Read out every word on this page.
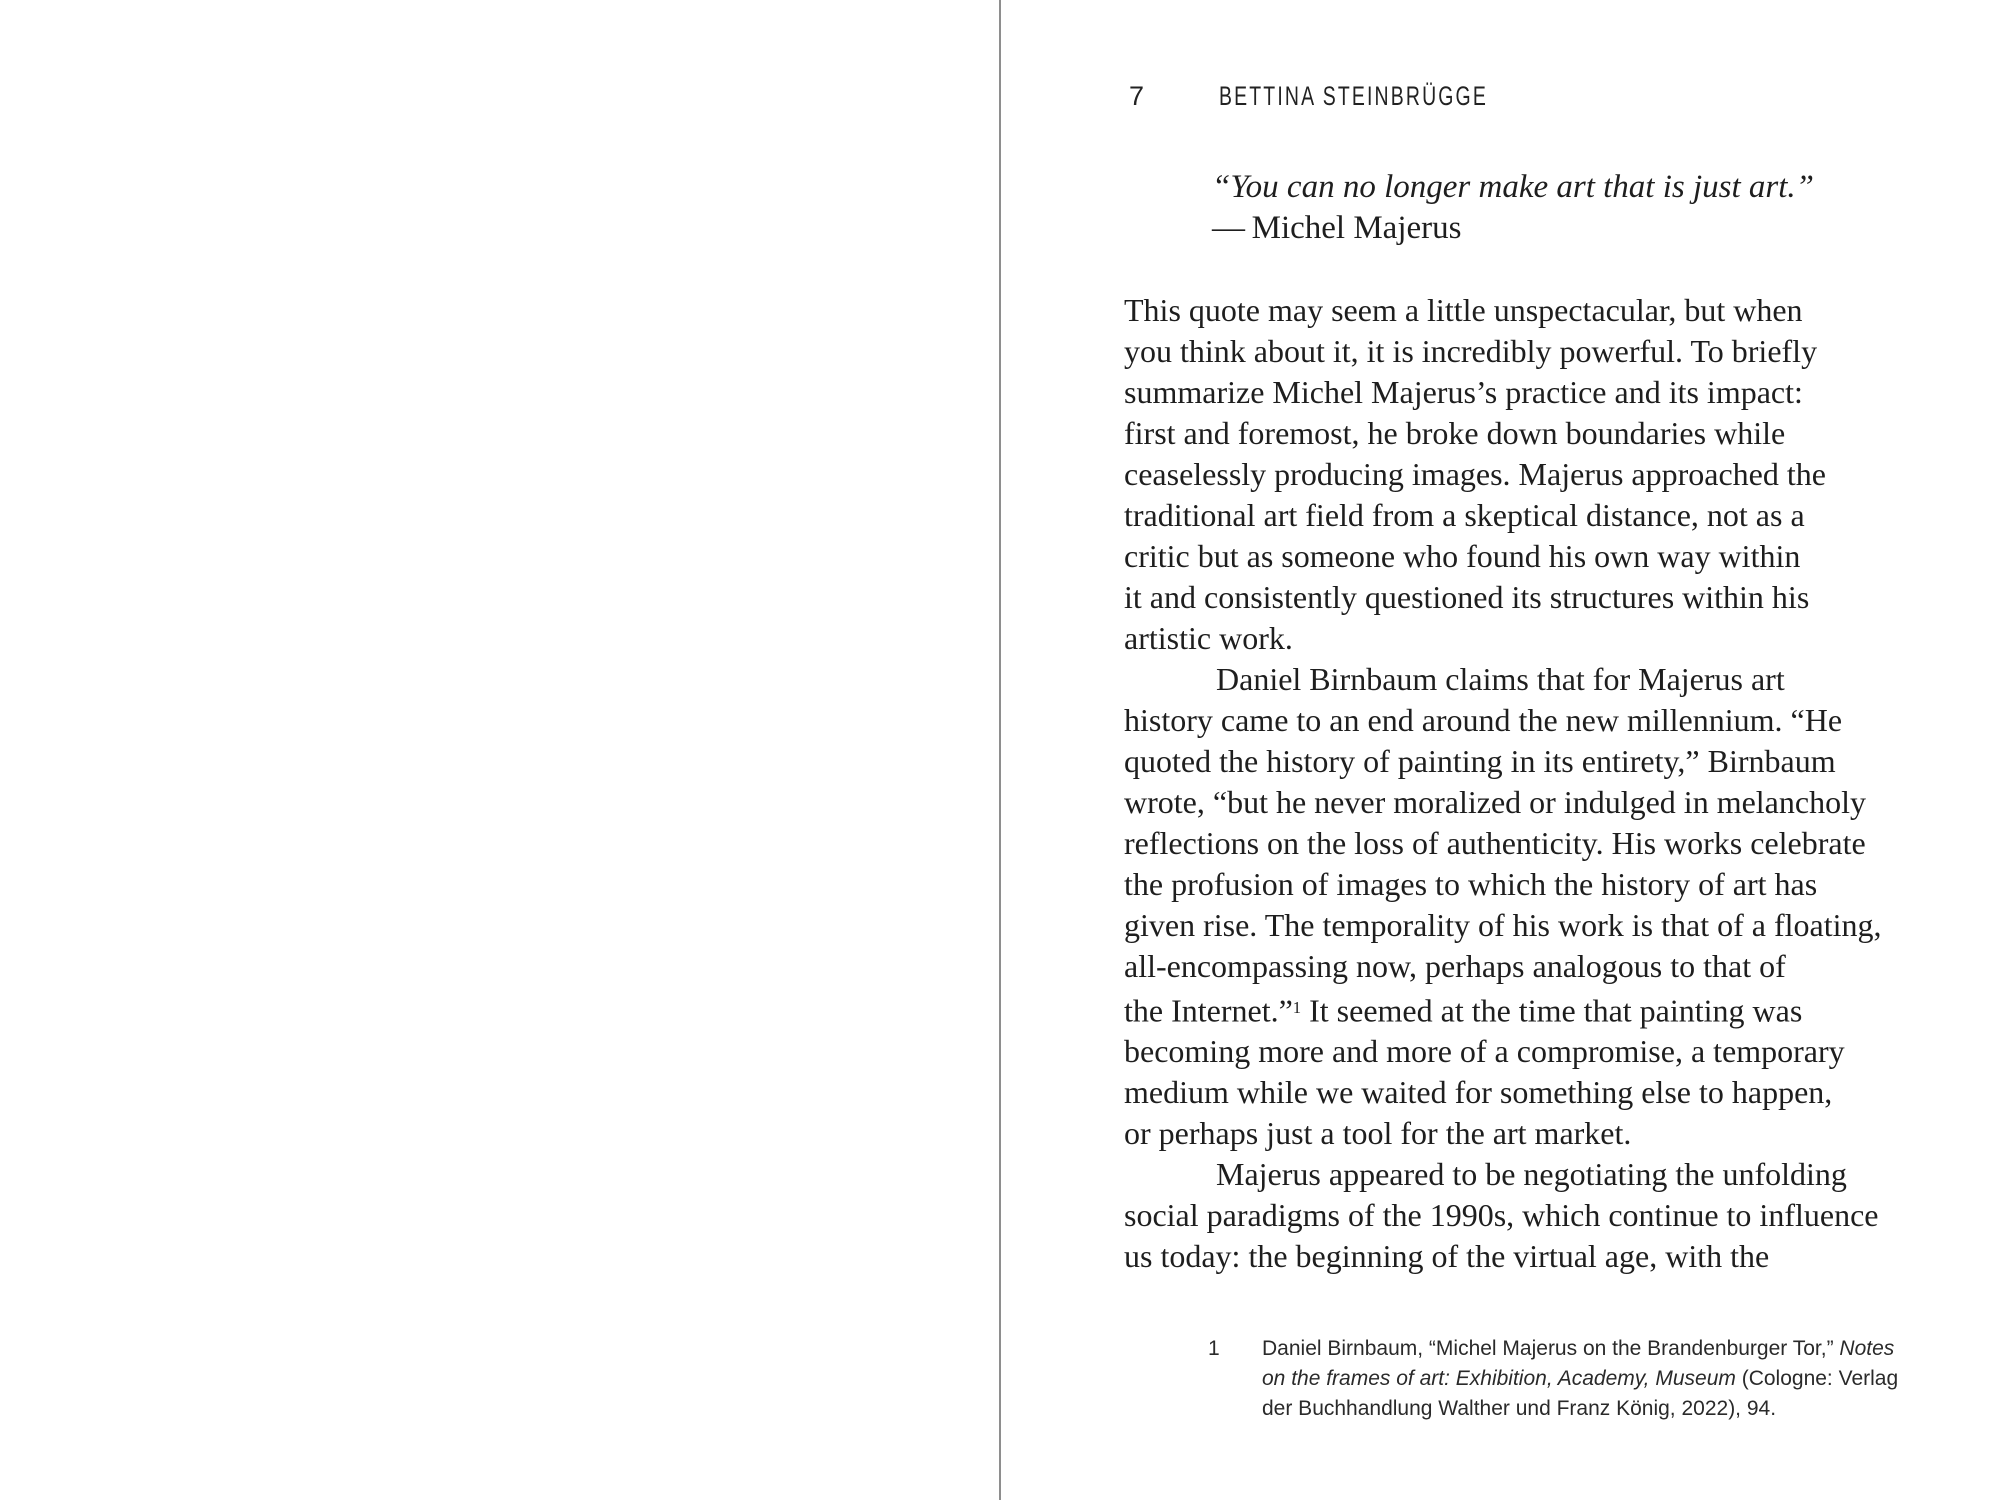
7	BETTINA STEINBRÜGGE
“You can no longer make art that is just art.”
— Michel Majerus
This quote may seem a little unspectacular, but when
you think about it, it is incredibly powerful. To briefly
summarize Michel Majerus’s practice and its impact:
first and foremost, he broke down boundaries while
ceaselessly producing images. Majerus approached the
traditional art field from a skeptical distance, not as a
critic but as someone who found his own way within
it and consistently questioned its structures within his
artistic work.
Daniel Birnbaum claims that for Majerus art
history came to an end around the new millennium. “He
quoted the history of painting in its entirety,” Birnbaum
wrote, “but he never moralized or indulged in melancholy
reflections on the loss of authenticity. His works celebrate
the profusion of images to which the history of art has
given rise. The temporality of his work is that of a floating,
all-encompassing now, perhaps analogous to that of
the Internet.”$^1$ It seemed at the time that painting was
becoming more and more of a compromise, a temporary
medium while we waited for something else to happen,
or perhaps just a tool for the art market.
Majerus appeared to be negotiating the unfolding
social paradigms of the 1990s, which continue to influence
us today: the beginning of the virtual age, with the
1 Daniel Birnbaum, “Michel Majerus on the Brandenburger Tor,” Notes
on the frames of art: Exhibition, Academy, Museum (Cologne: Verlag
der Buchhandlung Walther und Franz König, 2022), 94.
